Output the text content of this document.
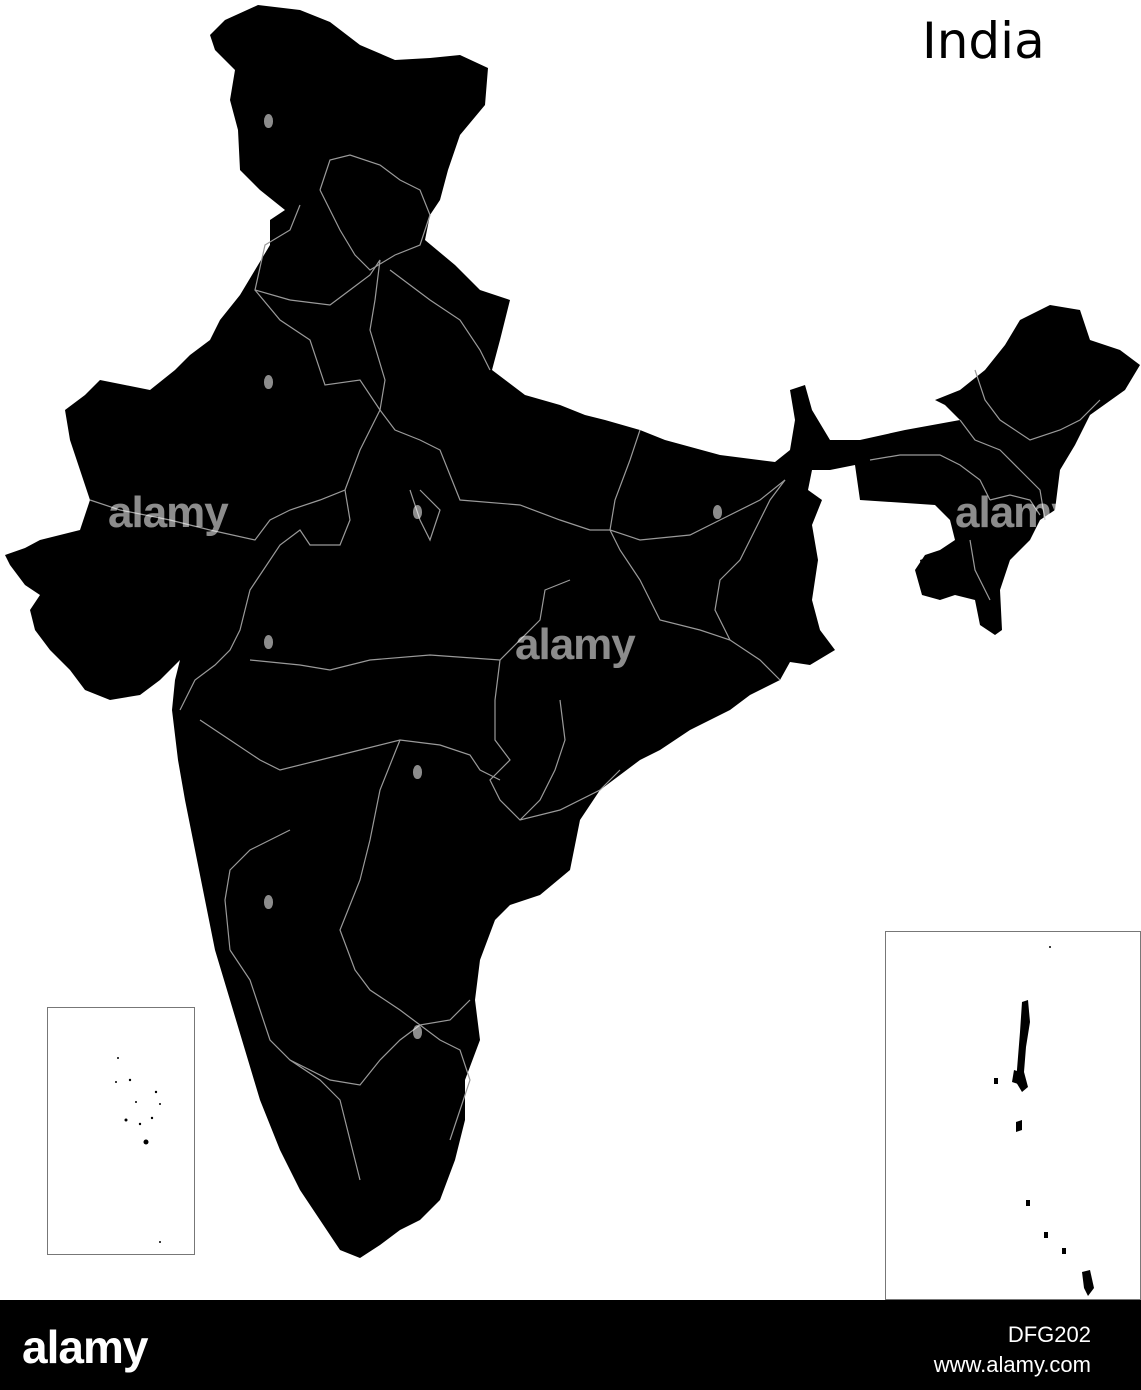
India
alamy
alamy
alamy
alamy	DFG202
www.alamy.com
